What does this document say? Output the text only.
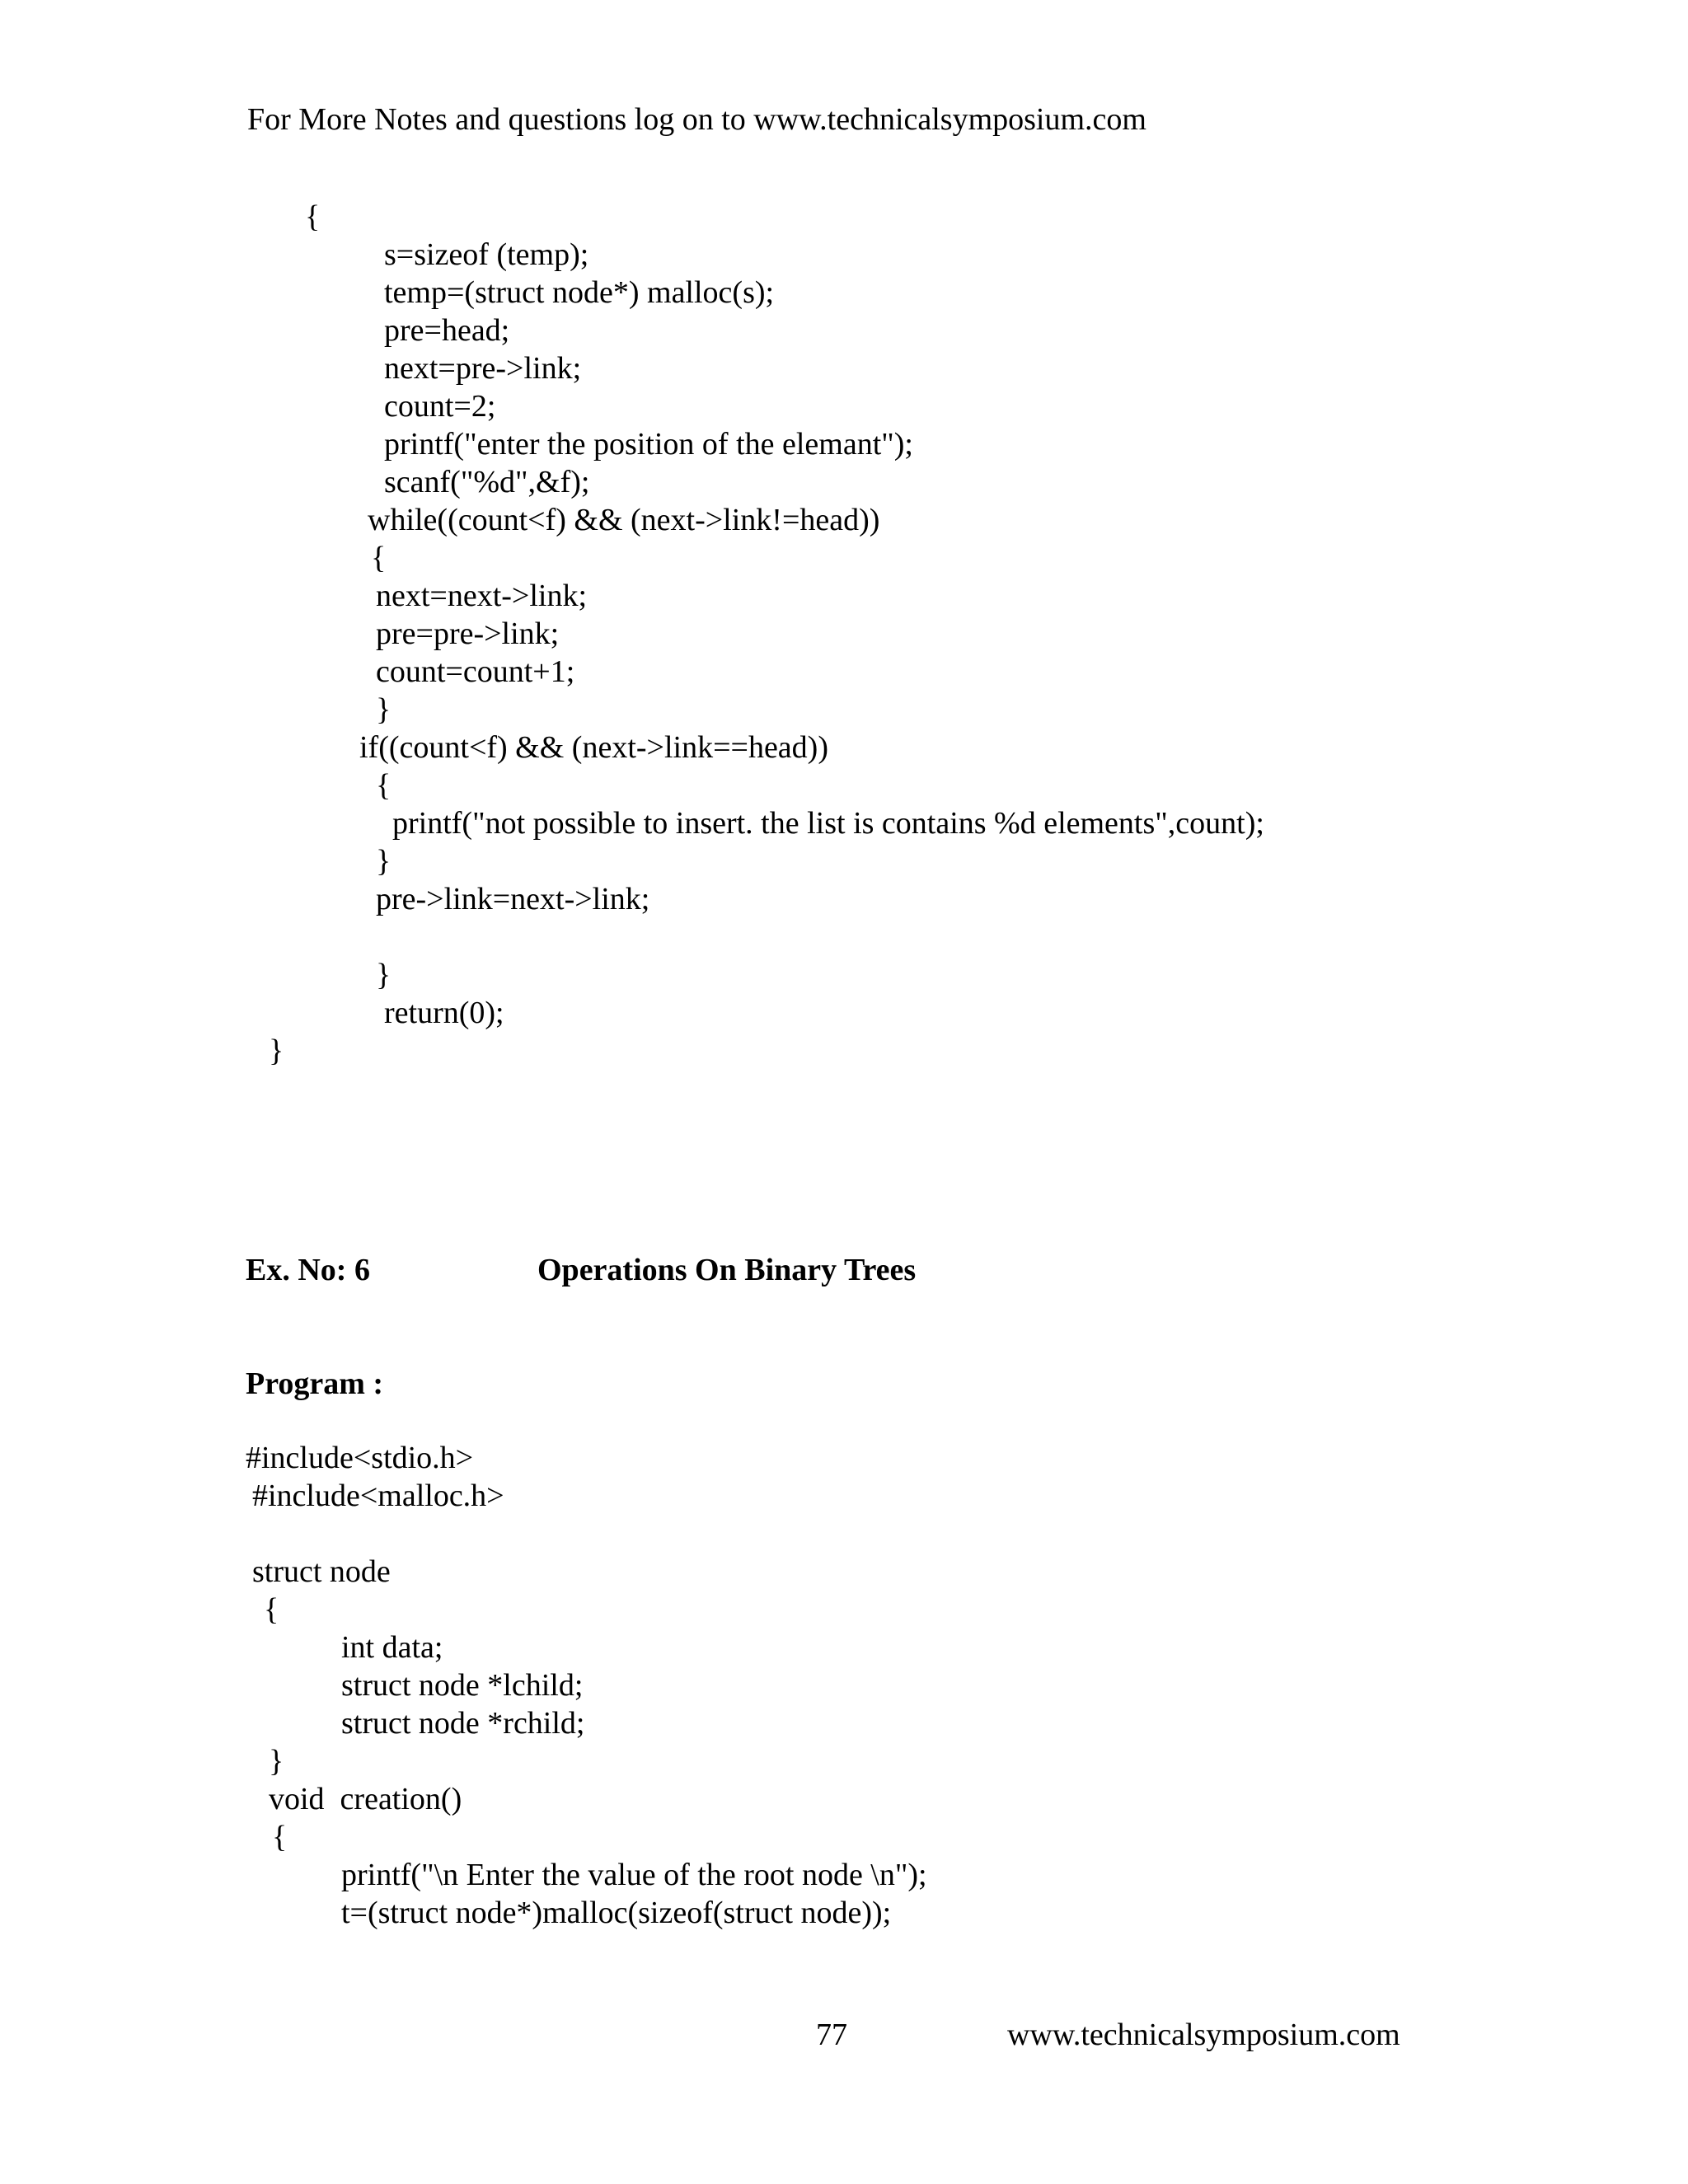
For More Notes and questions log on to www.technicalsymposium.com
{
s=sizeof (temp);
temp=(struct node*) malloc(s);
pre=head;
next=pre->link;
count=2;
printf("enter the position of the elemant");
scanf("%d",&f);
while((count<f) && (next->link!=head))
{
next=next->link;
pre=pre->link;
count=count+1;
}
if((count<f) && (next->link==head))
{
printf("not possible to insert. the list is contains %d elements",count);
}
pre->link=next->link;
}
return(0);
}
Ex. No: 6	Operations On Binary Trees
Program :
#include<stdio.h>
#include<malloc.h>
struct node
{
int data;
struct node *lchild;
struct node *rchild;
}
void  creation()
{
printf("\n Enter the value of the root node \n");
t=(struct node*)malloc(sizeof(struct node));
77	www.technicalsymposium.com
